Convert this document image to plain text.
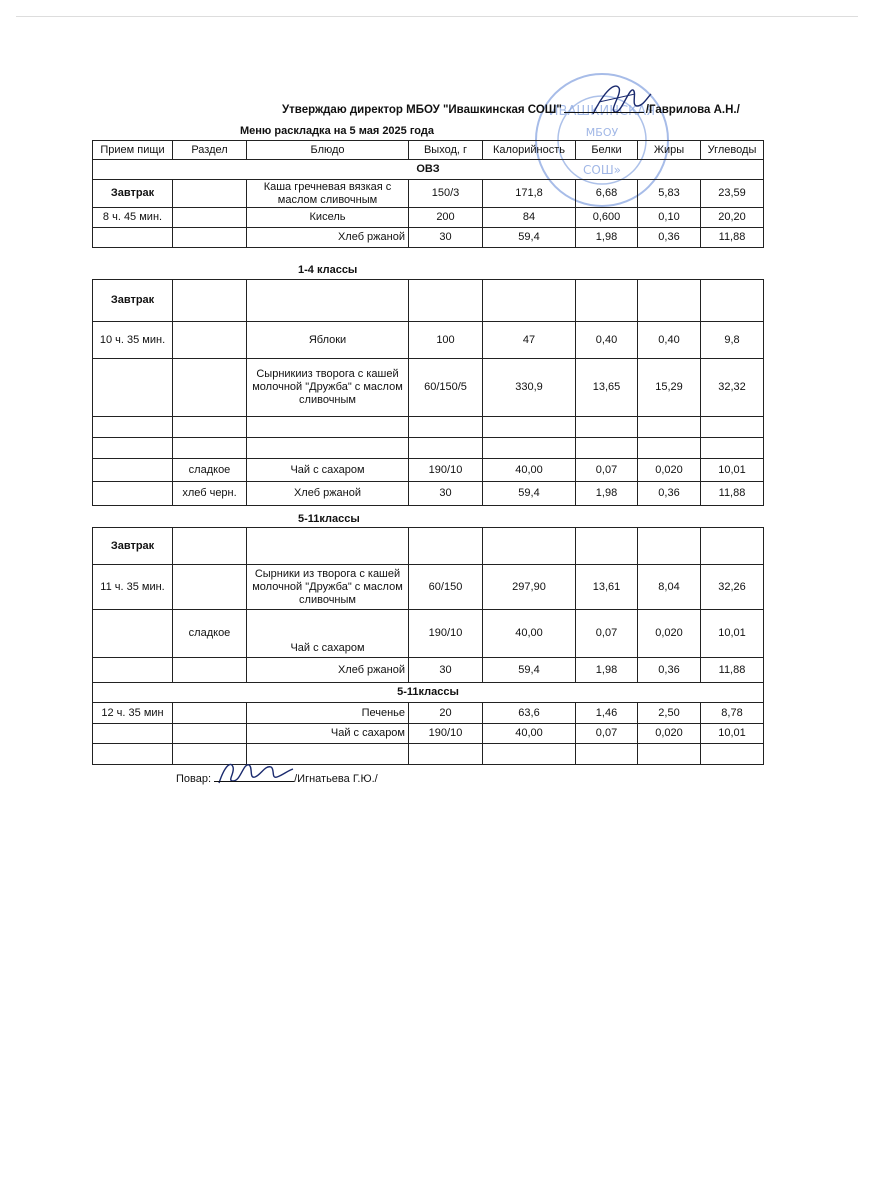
ИВАШКИНСКАЯ
МБОУ
СОШ»
Утверждаю директор МБОУ "Ивашкинская СОШ"	/Гаврилова А.Н./
Меню раскладка на 5 мая 2025 года
Прием пищи	Раздел	Блюдо	Выход, г	Калорийность	Белки	Жиры	Углеводы
ОВЗ							
Завтрак		Каша гречневая вязкая с маслом сливочным	150/3	171,8	6,68	5,83	23,59
8 ч. 45 мин.		Кисель	200	84	0,600	0,10	20,20
		Хлеб ржаной	30	59,4	1,98	0,36	11,88
1-4 классы
Завтрак							
10 ч. 35 мин.		Яблоки	100	47	0,40	0,40	9,8
		Сырникииз творога с кашей молочной "Дружба" с маслом сливочным	60/150/5	330,9	13,65	15,29	32,32

	сладкое	Чай с сахаром	190/10	40,00	0,07	0,020	10,01
	хлеб черн.	Хлеб ржаной	30	59,4	1,98	0,36	11,88
5-11классы
Завтрак							
11 ч. 35 мин.		Сырники из творога с кашей молочной "Дружба" с маслом сливочным	60/150	297,90	13,61	8,04	32,26
	сладкое	Чай с сахаром	190/10	40,00	0,07	0,020	10,01
		Хлеб ржаной	30	59,4	1,98	0,36	11,88
5-11классы							
12 ч. 35 мин		Печенье	20	63,6	1,46	2,50	8,78
		Чай с сахаром	190/10	40,00	0,07	0,020	10,01

Повар:	/Игнатьева Г.Ю./
